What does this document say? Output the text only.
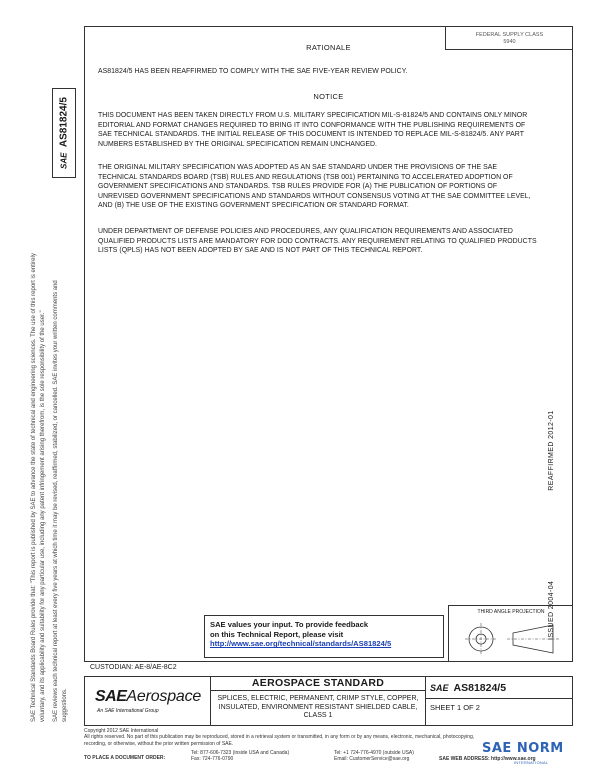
FEDERAL SUPPLY CLASS
5940
RATIONALE
AS81824/5 HAS BEEN REAFFIRMED TO COMPLY WITH THE SAE FIVE-YEAR REVIEW POLICY.
NOTICE
THIS DOCUMENT HAS BEEN TAKEN DIRECTLY FROM U.S. MILITARY SPECIFICATION MIL-S-81824/5 AND CONTAINS ONLY MINOR EDITORIAL AND FORMAT CHANGES REQUIRED TO BRING IT INTO CONFORMANCE WITH THE PUBLISHING REQUIREMENTS OF SAE TECHNICAL STANDARDS. THE INITIAL RELEASE OF THIS DOCUMENT IS INTENDED TO REPLACE MIL-S-81824/5. ANY PART NUMBERS ESTABLISHED BY THE ORIGINAL SPECIFICATION REMAIN UNCHANGED.
THE ORIGINAL MILITARY SPECIFICATION WAS ADOPTED AS AN SAE STANDARD UNDER THE PROVISIONS OF THE SAE TECHNICAL STANDARDS BOARD (TSB) RULES AND REGULATIONS (TSB 001) PERTAINING TO ACCELERATED ADOPTION OF GOVERNMENT SPECIFICATIONS AND STANDARDS. TSB RULES PROVIDE FOR (A) THE PUBLICATION OF PORTIONS OF UNREVISED GOVERNMENT SPECIFICATIONS AND STANDARDS WITHOUT CONSENSUS VOTING AT THE SAE COMMITTEE LEVEL, AND (B) THE USE OF THE EXISTING GOVERNMENT SPECIFICATION OR STANDARD FORMAT.
UNDER DEPARTMENT OF DEFENSE POLICIES AND PROCEDURES, ANY QUALIFICATION REQUIREMENTS AND ASSOCIATED QUALIFIED PRODUCTS LISTS ARE MANDATORY FOR DOD CONTRACTS. ANY REQUIREMENT RELATING TO QUALIFIED PRODUCTS LISTS (QPLS) HAS NOT BEEN ADOPTED BY SAE AND IS NOT PART OF THIS TECHNICAL REPORT.
SAE AS81824/5
SAE Technical Standards Board Rules provide that: "This report is published by SAE to advance the state of technical and engineering sciences. The use of this report is entirely voluntary, and its applicability and suitability for any particular use, including any patent infringement arising therefrom, is the sole responsibility of the user." SAE reviews each technical report at least every five years at which time it may be revised, reaffirmed, stabilized, or cancelled. SAE invites your written comments and suggestions.
ISSUED 2004-04REAFFIRMED 2012-01
THIRD ANGLE PROJECTION
SAE values your input. To provide feedback
on this Technical Report, please visit
http://www.sae.org/technical/standards/AS81824/5
CUSTODIAN: AE-8/AE-8C2
SAEAerospace
An SAE International Group
AEROSPACE STANDARD
SPLICES, ELECTRIC, PERMANENT, CRIMP STYLE, COPPER, INSULATED, ENVIRONMENT RESISTANT SHIELDED CABLE, CLASS 1
SAE AS81824/5
SHEET 1 OF 2
Copyright 2012 SAE International
All rights reserved. No part of this publication may be reproduced, stored in a retrieval system or transmitted, in any form or by any means, electronic, mechanical, photocopying,
recording, or otherwise, without the prior written permission of SAE.
TO PLACE A DOCUMENT ORDER:
Tel: 877-606-7323 (inside USA and Canada)
Fax: 724-776-0790
Tel: +1 724-776-4970 (outside USA)
Email: CustomerService@sae.org	SAE WEB ADDRESS: http://www.sae.org
SAE NORM
INTERNATIONAL
